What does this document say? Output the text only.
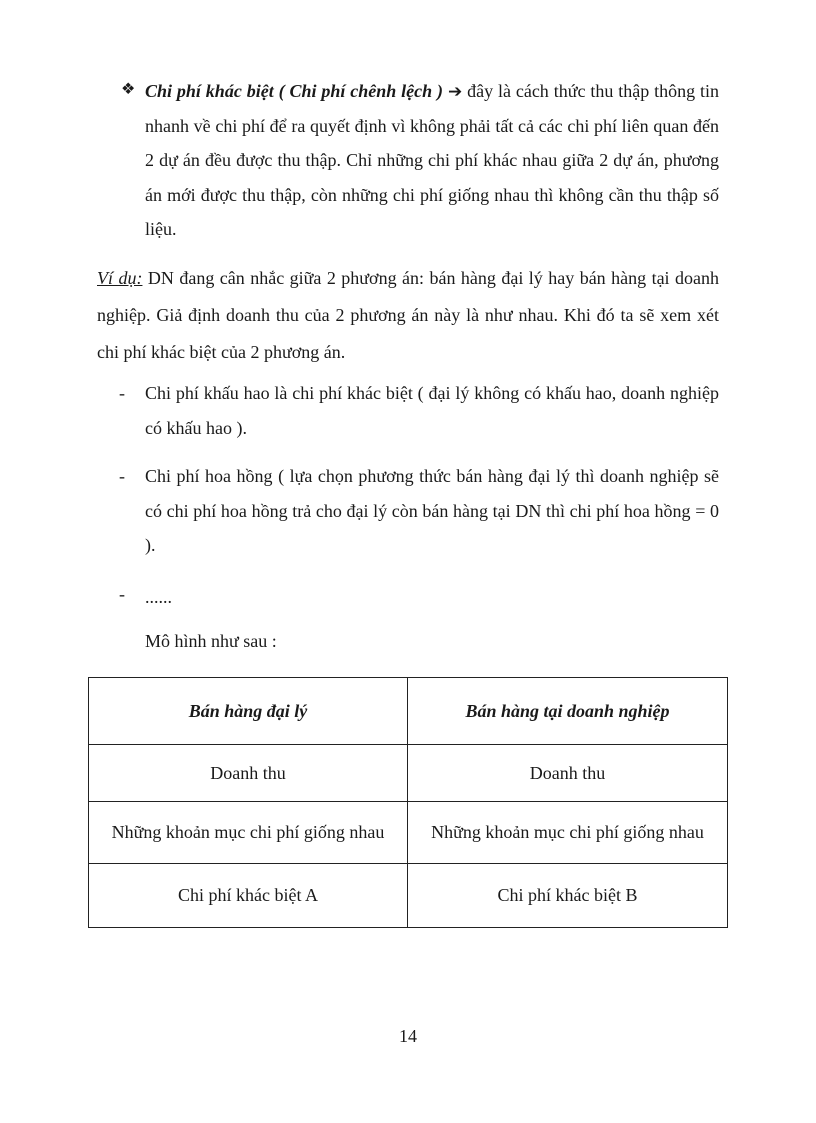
❖ Chi phí khác biệt ( Chi phí chênh lệch ) ➔ đây là cách thức thu thập thông tin nhanh về chi phí để ra quyết định vì không phải tất cả các chi phí liên quan đến 2 dự án đều được thu thập. Chỉ những chi phí khác nhau giữa 2 dự án, phương án mới được thu thập, còn những chi phí giống nhau thì không cần thu thập số liệu.
Ví dụ: DN đang cân nhắc giữa 2 phương án: bán hàng đại lý hay bán hàng tại doanh nghiệp. Giả định doanh thu của 2 phương án này là như nhau. Khi đó ta sẽ xem xét chi phí khác biệt của 2 phương án.
- Chi phí khấu hao là chi phí khác biệt ( đại lý không có khấu hao, doanh nghiệp có khấu hao ).
- Chi phí hoa hồng ( lựa chọn phương thức bán hàng đại lý thì doanh nghiệp sẽ có chi phí hoa hồng trả cho đại lý còn bán hàng tại DN thì chi phí hoa hồng = 0 ).
- ......
Mô hình như sau :
Bán hàng đại lý	Bán hàng tại doanh nghiệp
Doanh thu	Doanh thu
Những khoản mục chi phí giống nhau	Những khoản mục chi phí giống nhau
Chi phí khác biệt A	Chi phí khác biệt B
14
